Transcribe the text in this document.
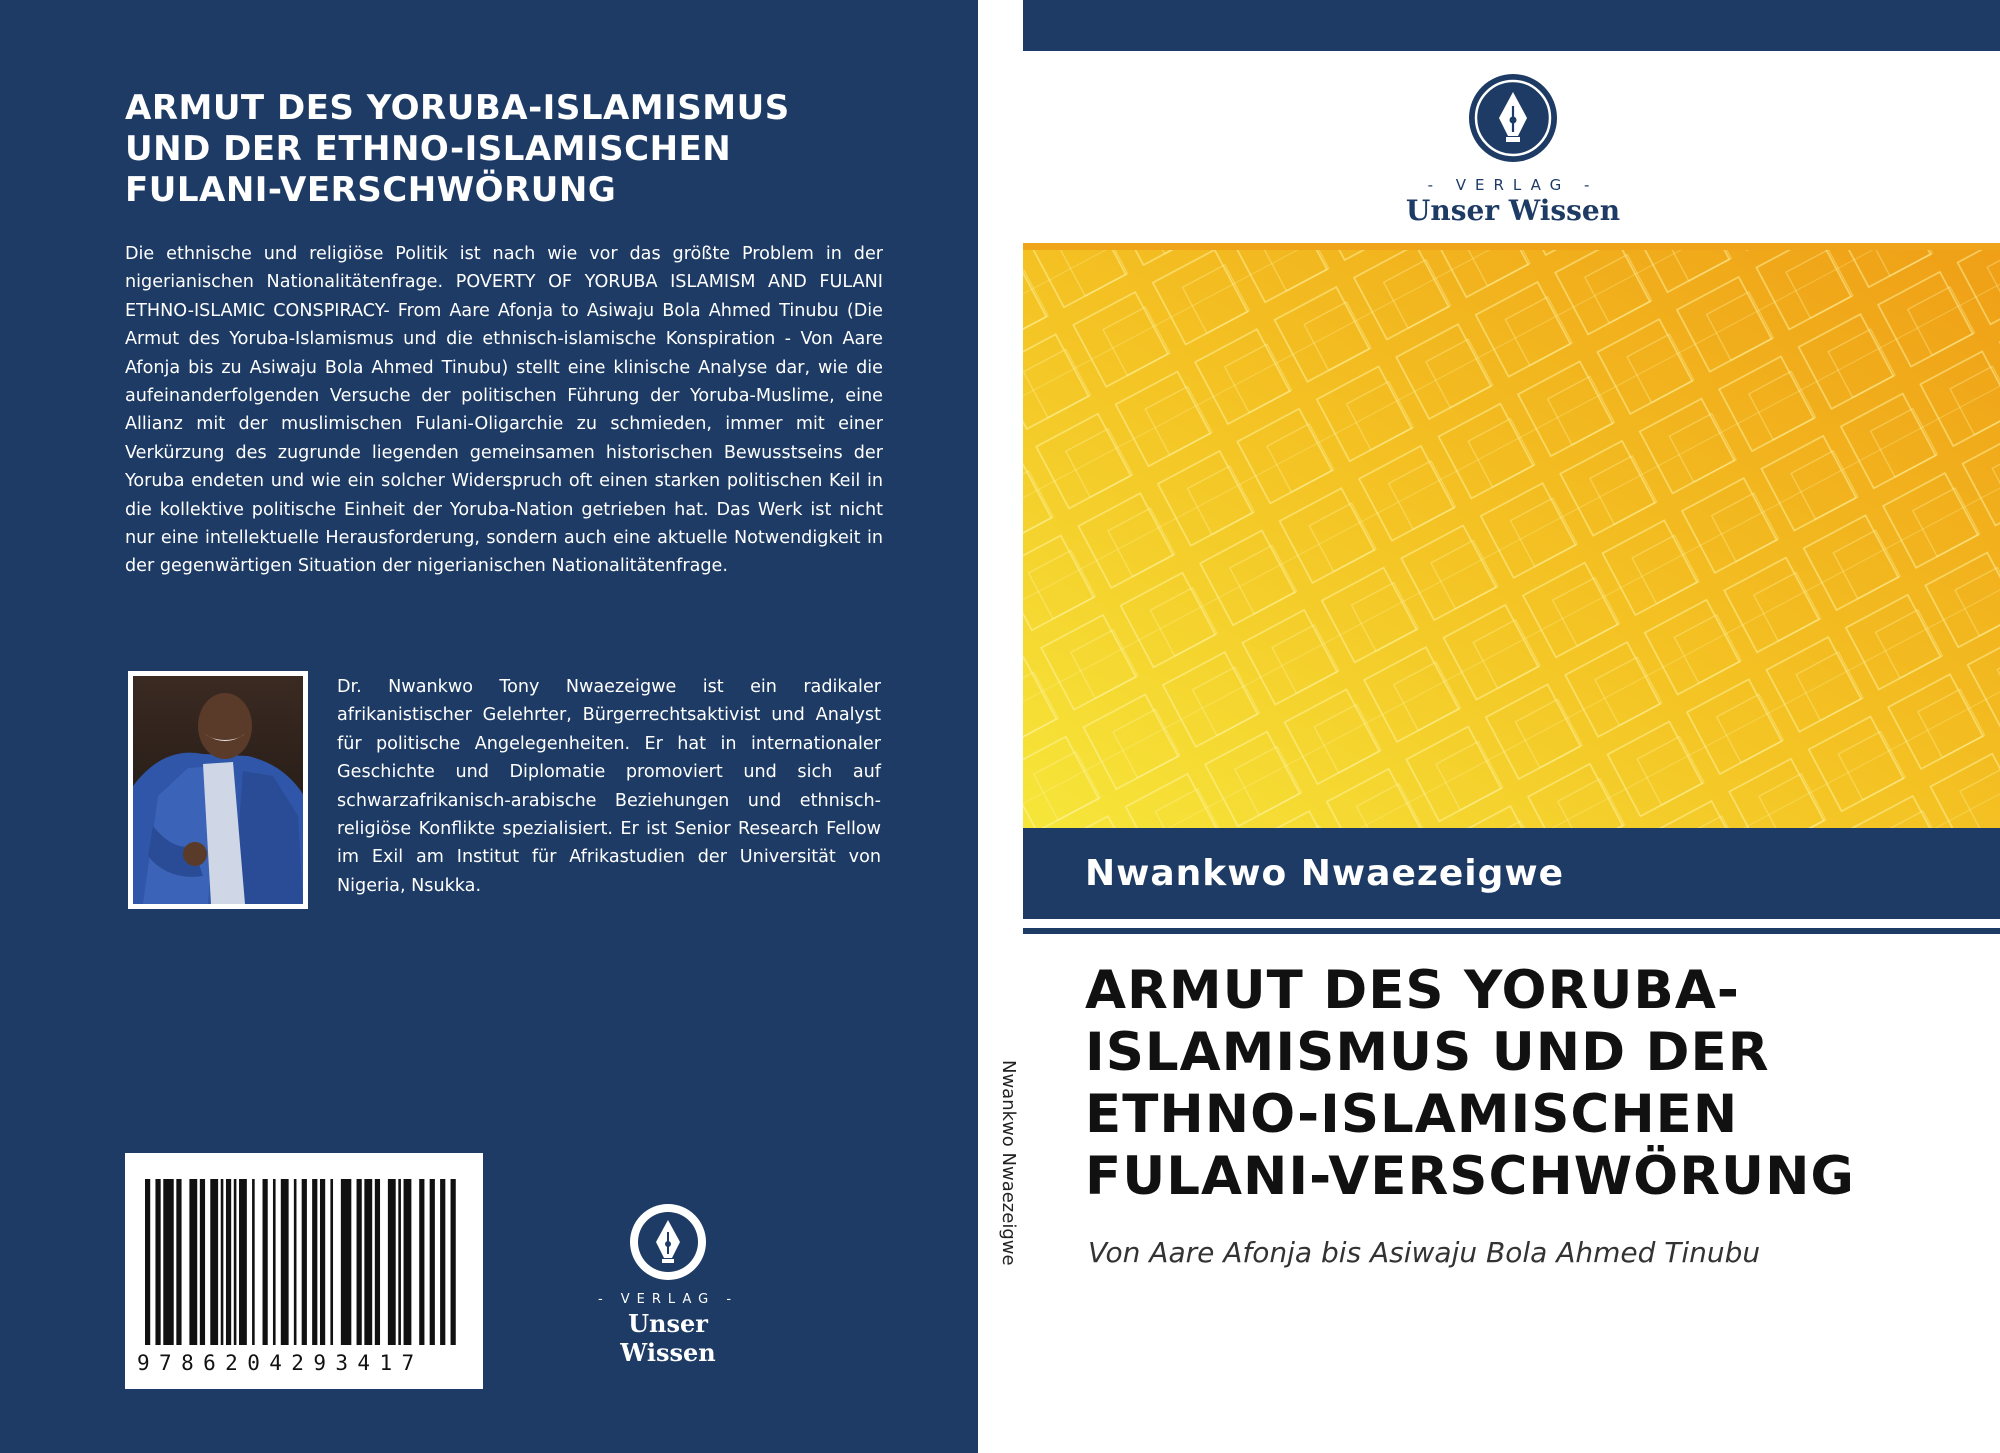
ARMUT DES YORUBA-ISLAMISMUS
UND DER ETHNO-ISLAMISCHEN
FULANI-VERSCHWÖRUNG
Die ethnische und religiöse Politik ist nach wie vor das größte Problem in der nigerianischen Nationalitätenfrage. POVERTY OF YORUBA ISLAMISM AND FULANI ETHNO-ISLAMIC CONSPIRACY- From Aare Afonja to Asiwaju Bola Ahmed Tinubu (Die Armut des Yoruba-Islamismus und die ethnisch-islamische Konspiration - Von Aare Afonja bis zu Asiwaju Bola Ahmed Tinubu) stellt eine klinische Analyse dar, wie die aufeinanderfolgenden Versuche der politischen Führung der Yoruba-Muslime, eine Allianz mit der muslimischen Fulani-Oligarchie zu schmieden, immer mit einer Verkürzung des zugrunde liegenden gemeinsamen historischen Bewusstseins der Yoruba endeten und wie ein solcher Widerspruch oft einen starken politischen Keil in die kollektive politische Einheit der Yoruba-Nation getrieben hat. Das Werk ist nicht nur eine intellektuelle Herausforderung, sondern auch eine aktuelle Notwendigkeit in der gegenwärtigen Situation der nigerianischen Nationalitätenfrage.
Dr. Nwankwo Tony Nwaezeigwe ist ein radikaler afrikanistischer Gelehrter, Bürgerrechtsaktivist und Analyst für politische Angelegenheiten. Er hat in internationaler Geschichte und Diplomatie promoviert und sich auf schwarzafrikanisch-arabische Beziehungen und ethnisch-religiöse Konflikte spezialisiert. Er ist Senior Research Fellow im Exil am Institut für Afrikastudien der Universität von Nigeria, Nsukka.
9786204293417
- VERLAG -
Unser Wissen
Nwankwo Nwaezeigwe
- VERLAG -
Unser Wissen
Nwankwo Nwaezeigwe
ARMUT DES YORUBA-
ISLAMISMUS UND DER
ETHNO-ISLAMISCHEN
FULANI-VERSCHWÖRUNG
Von Aare Afonja bis Asiwaju Bola Ahmed Tinubu
